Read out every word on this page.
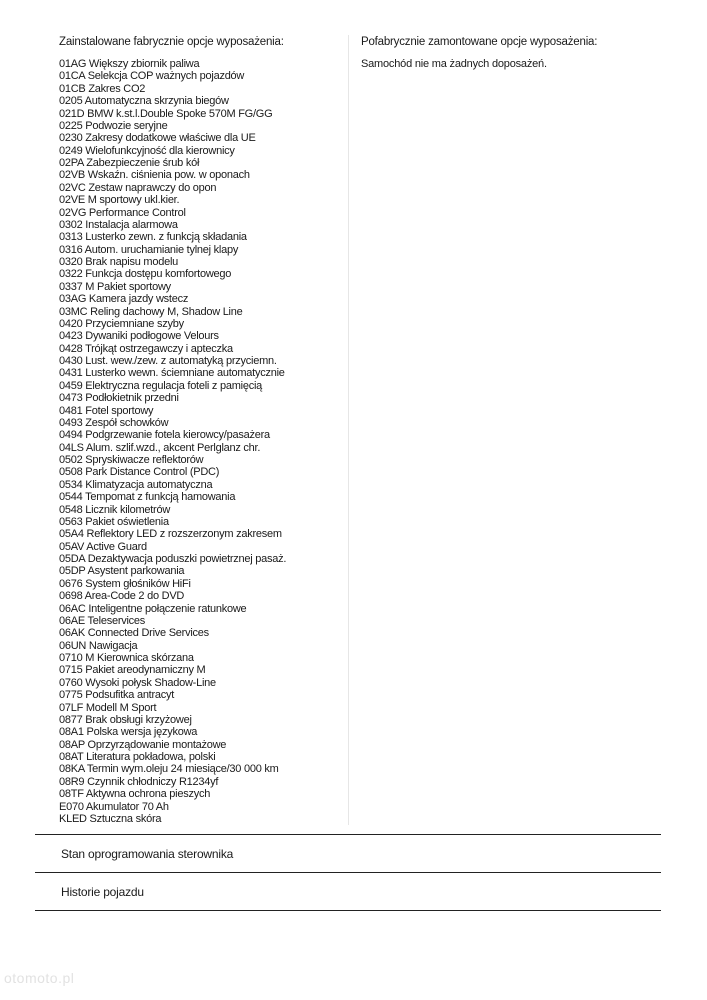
Zainstalowane fabrycznie opcje wyposażenia:

01AG Większy zbiornik paliwa
01CA Selekcja COP ważnych pojazdów
01CB Zakres CO2
0205 Automatyczna skrzynia biegów
021D BMW k.st.l.Double Spoke 570M FG/GG
0225 Podwozie seryjne
0230 Zakresy dodatkowe właściwe dla UE
0249 Wielofunkcyjność dla kierownicy
02PA Zabezpieczenie śrub kół
02VB Wskaźn. ciśnienia pow. w oponach
02VC Zestaw naprawczy do opon
02VE M sportowy ukl.kier.
02VG Performance Control
0302 Instalacja alarmowa
0313 Lusterko zewn. z funkcją składania
0316 Autom. uruchamianie tylnej klapy
0320 Brak napisu modelu
0322 Funkcja dostępu komfortowego
0337 M Pakiet sportowy
03AG Kamera jazdy wstecz
03MC Reling dachowy M, Shadow Line
0420 Przyciemniane szyby
0423 Dywaniki podłogowe Velours
0428 Trójkąt ostrzegawczy i apteczka
0430 Lust. wew./zew. z automatyką przyciemn.
0431 Lusterko wewn. ściemniane automatycznie
0459 Elektryczna regulacja foteli z pamięcią
0473 Podłokietnik przedni
0481 Fotel sportowy
0493 Zespół schowków
0494 Podgrzewanie fotela kierowcy/pasażera
04LS Alum. szlif.wzd., akcent Perlglanz chr.
0502 Spryskiwacze reflektorów
0508 Park Distance Control (PDC)
0534 Klimatyzacja automatyczna
0544 Tempomat z funkcją hamowania
0548 Licznik kilometrów
0563 Pakiet oświetlenia
05A4 Reflektory LED z rozszerzonym zakresem
05AV Active Guard
05DA Dezaktywacja poduszki powietrznej pasaż.
05DP Asystent parkowania
0676 System głośników HiFi
0698 Area-Code 2 do DVD
06AC Inteligentne połączenie ratunkowe
06AE Teleservices
06AK Connected Drive Services
06UN Nawigacja
0710 M Kierownica skórzana
0715 Pakiet areodynamiczny M
0760 Wysoki połysk Shadow-Line
0775 Podsufitka antracyt
07LF Modell M Sport
0877 Brak obsługi krzyżowej
08A1 Polska wersja językowa
08AP Oprzyrządowanie montażowe
08AT Literatura pokładowa, polski
08KA Termin wym.oleju 24 miesiące/30 000 km
08R9 Czynnik chłodniczy R1234yf
08TF Aktywna ochrona pieszych
E070 Akumulator 70 Ah
KLED Sztuczna skóra

Pofabrycznie zamontowane opcje wyposażenia:

Samochód nie ma żadnych doposażeń.

Stan oprogramowania sterownika
Historie pojazdu
otomoto.pl
